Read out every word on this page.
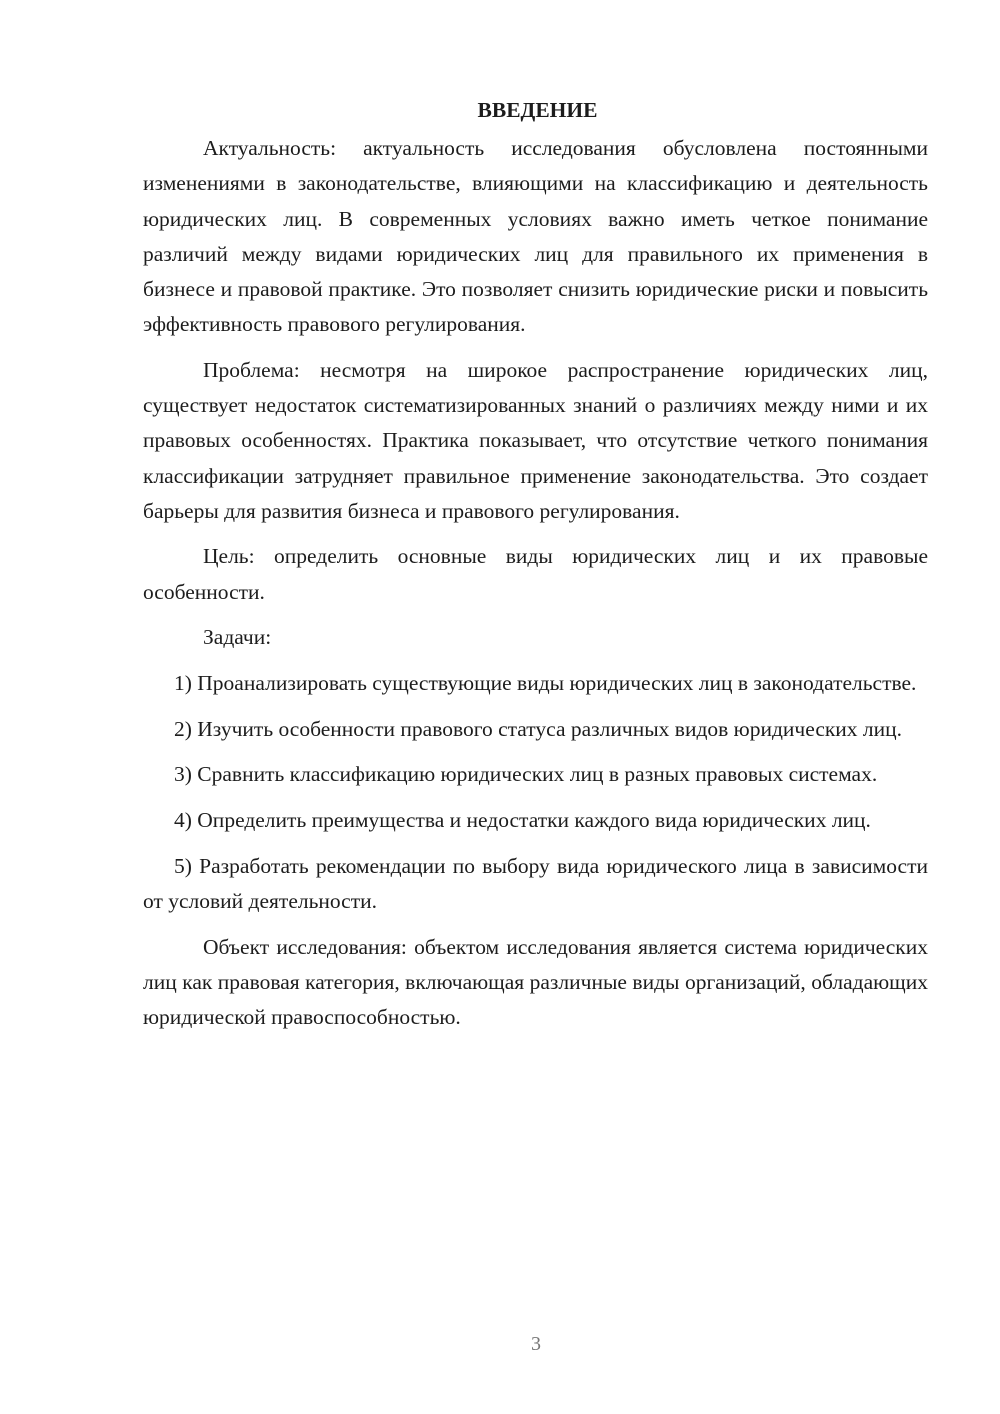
ВВЕДЕНИЕ

Актуальность: актуальность исследования обусловлена постоянными изменениями в законодательстве, влияющими на классификацию и деятельность юридических лиц. В современных условиях важно иметь четкое понимание различий между видами юридических лиц для правильного их применения в бизнесе и правовой практике. Это позволяет снизить юридические риски и повысить эффективность правового регулирования.

Проблема: несмотря на широкое распространение юридических лиц, существует недостаток систематизированных знаний о различиях между ними и их правовых особенностях. Практика показывает, что отсутствие четкого понимания классификации затрудняет правильное применение законодательства. Это создает барьеры для развития бизнеса и правового регулирования.

Цель: определить основные виды юридических лиц и их правовые особенности.

Задачи:

1) Проанализировать существующие виды юридических лиц в законодательстве.

2) Изучить особенности правового статуса различных видов юридических лиц.

3) Сравнить классификацию юридических лиц в разных правовых системах.

4) Определить преимущества и недостатки каждого вида юридических лиц.

5) Разработать рекомендации по выбору вида юридического лица в зависимости от условий деятельности.

Объект исследования: объектом исследования является система юридических лиц как правовая категория, включающая различные виды организаций, обладающих юридической правоспособностью.

3
